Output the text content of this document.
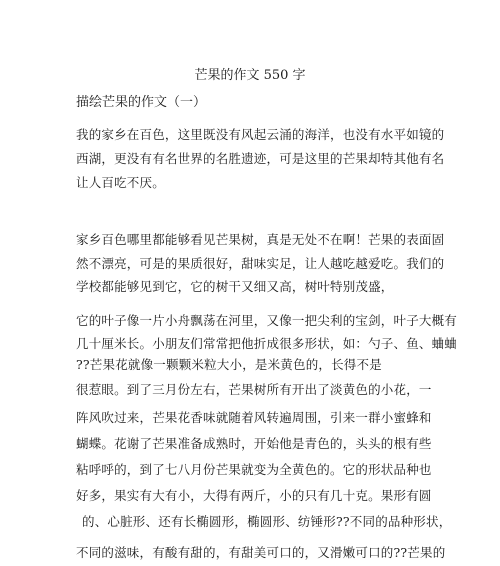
芒果的作文 550 字
描绘芒果的作文（一）
我的家乡在百色，这里既没有风起云涌的海洋，也没有水平如镜的
西湖，更没有有名世界的名胜遗迹，可是这里的芒果却特其他有名
让人百吃不厌。
家乡百色哪里都能够看见芒果树，真是无处不在啊！芒果的表面固
然不漂亮，可是的果质很好，甜味实足，让人越吃越爱吃。我们的
学校都能够见到它，它的树干又细又高，树叶特别茂盛，
它的叶子像一片小舟飘荡在河里，又像一把尖利的宝剑，叶子大概有
几十厘米长。小朋友们常常把他折成很多形状，如：勺子、鱼、蛐蛐
??芒果花就像一颗颗米粒大小，是米黄色的，长得不是
很惹眼。到了三月份左右，芒果树所有开出了淡黄色的小花，一
阵风吹过来，芒果花香味就随着风转遍周围，引来一群小蜜蜂和
蝴蝶。花谢了芒果准备成熟时，开始他是青色的，头头的根有些
粘呼呼的，到了七八月份芒果就变为全黄色的。它的形状品种也
好多，果实有大有小，大得有两斤，小的只有几十克。果形有圆
的、心脏形、还有长椭圆形，椭圆形、纺锤形??不同的品种形状，
不同的滋味，有酸有甜的，有甜美可口的，又滑嫩可口的??芒果的
